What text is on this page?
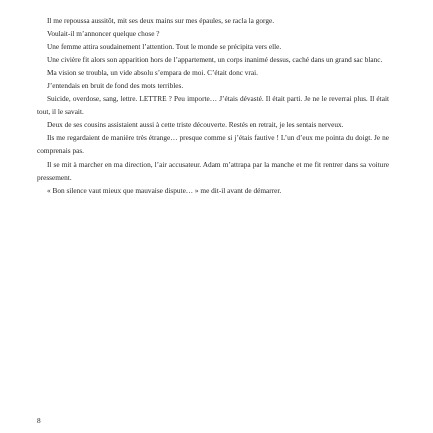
Il me repoussa aussitôt, mit ses deux mains sur mes épaules, se racla la gorge.

Voulait-il m’annoncer quelque chose ?

Une femme attira soudainement l’attention. Tout le monde se précipita vers elle.

Une civière fit alors son apparition hors de l’appartement, un corps inanimé dessus, caché dans un grand sac blanc.

Ma vision se troubla, un vide absolu s’empara de moi. C’était donc vrai.

J’entendais en bruit de fond des mots terribles.

Suicide, overdose, sang, lettre. LETTRE ? Peu importe… J’étais dévasté. Il était parti. Je ne le reverrai plus. Il était tout, il le savait.

Deux de ses cousins assistaient aussi à cette triste découverte. Restés en retrait, je les sentais nerveux.

Ils me regardaient de manière très étrange… presque comme si j’étais fautive ! L’un d’eux me pointa du doigt. Je ne comprenais pas.

Il se mit à marcher en ma direction, l’air accusateur. Adam m’attrapa par la manche et me fit rentrer dans sa voiture pressement.

« Bon silence vaut mieux que mauvaise dispute… » me dit-il avant de démarrer.

8
